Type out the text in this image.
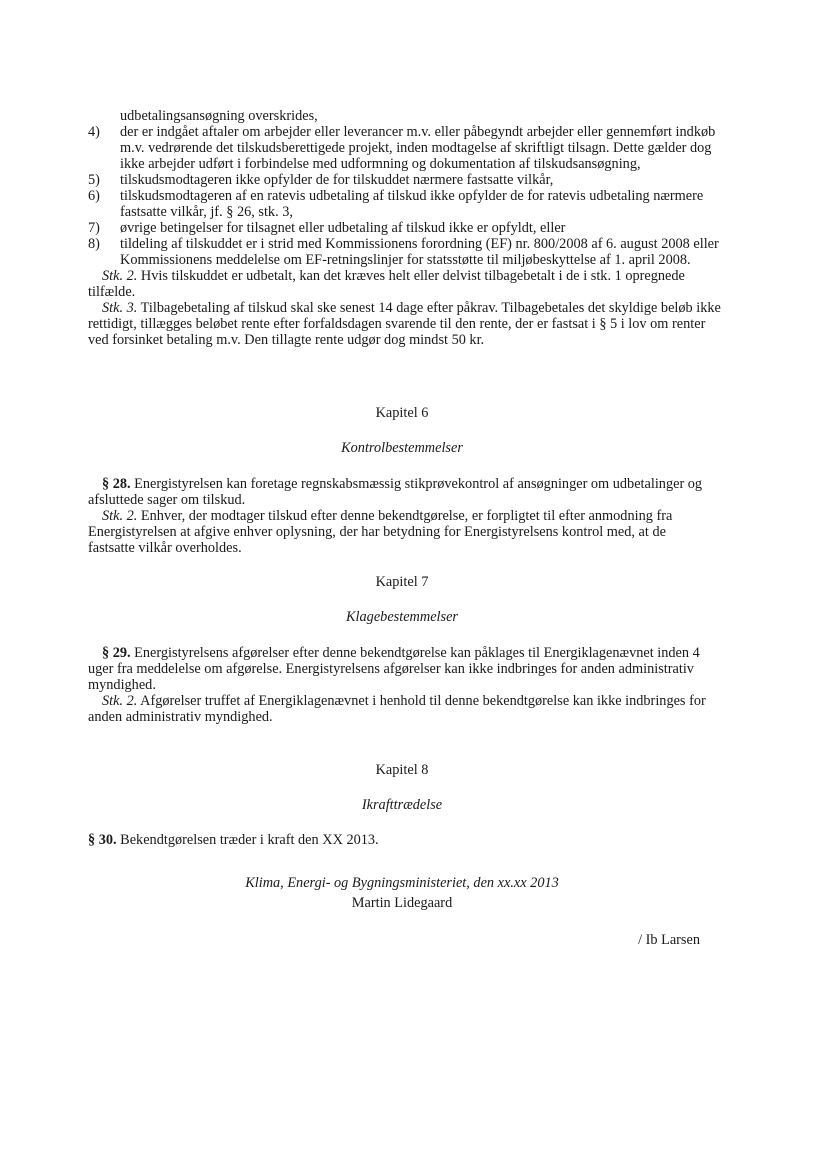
udbetalingsansøgning overskrides,
4)	der er indgået aftaler om arbejder eller leverancer m.v. eller påbegyndt arbejder eller gennemført indkøb m.v. vedrørende det tilskudsberettigede projekt, inden modtagelse af skriftligt tilsagn. Dette gælder dog ikke arbejder udført i forbindelse med udformning og dokumentation af tilskudsansøgning,
5)	tilskudsmodtageren ikke opfylder de for tilskuddet nærmere fastsatte vilkår,
6)	tilskudsmodtageren af en ratevis udbetaling af tilskud ikke opfylder de for ratevis udbetaling nærmere fastsatte vilkår, jf. § 26, stk. 3,
7)	øvrige betingelser for tilsagnet eller udbetaling af tilskud ikke er opfyldt, eller
8)	tildeling af tilskuddet er i strid med Kommissionens forordning (EF) nr. 800/2008 af 6. august 2008 eller Kommissionens meddelelse om EF-retningslinjer for statsstøtte til miljøbeskyttelse af 1. april 2008.

Stk. 2. Hvis tilskuddet er udbetalt, kan det kræves helt eller delvist tilbagebetalt i de i stk. 1 opregnede tilfælde.

Stk. 3. Tilbagebetaling af tilskud skal ske senest 14 dage efter påkrav. Tilbagebetales det skyldige beløb ikke rettidigt, tillægges beløbet rente efter forfaldsdagen svarende til den rente, der er fastsat i § 5 i lov om renter ved forsinket betaling m.v. Den tillagte rente udgør dog mindst 50 kr.

Kapitel 6
Kontrolbestemmelser

§ 28. Energistyrelsen kan foretage regnskabsmæssig stikprøvekontrol af ansøgninger om udbetalinger og afsluttede sager om tilskud.

Stk. 2. Enhver, der modtager tilskud efter denne bekendtgørelse, er forpligtet til efter anmodning fra Energistyrelsen at afgive enhver oplysning, der har betydning for Energistyrelsens kontrol med, at de fastsatte vilkår overholdes.

Kapitel 7
Klagebestemmelser

§ 29. Energistyrelsens afgørelser efter denne bekendtgørelse kan påklages til Energiklagenævnet inden 4 uger fra meddelelse om afgørelse. Energistyrelsens afgørelser kan ikke indbringes for anden administrativ myndighed.

Stk. 2. Afgørelser truffet af Energiklagenævnet i henhold til denne bekendtgørelse kan ikke indbringes for anden administrativ myndighed.

Kapitel 8
Ikrafttrædelse

§ 30. Bekendtgørelsen træder i kraft den XX 2013.

Klima, Energi- og Bygningsministeriet, den xx.xx 2013
Martin Lidegaard
/ Ib Larsen
